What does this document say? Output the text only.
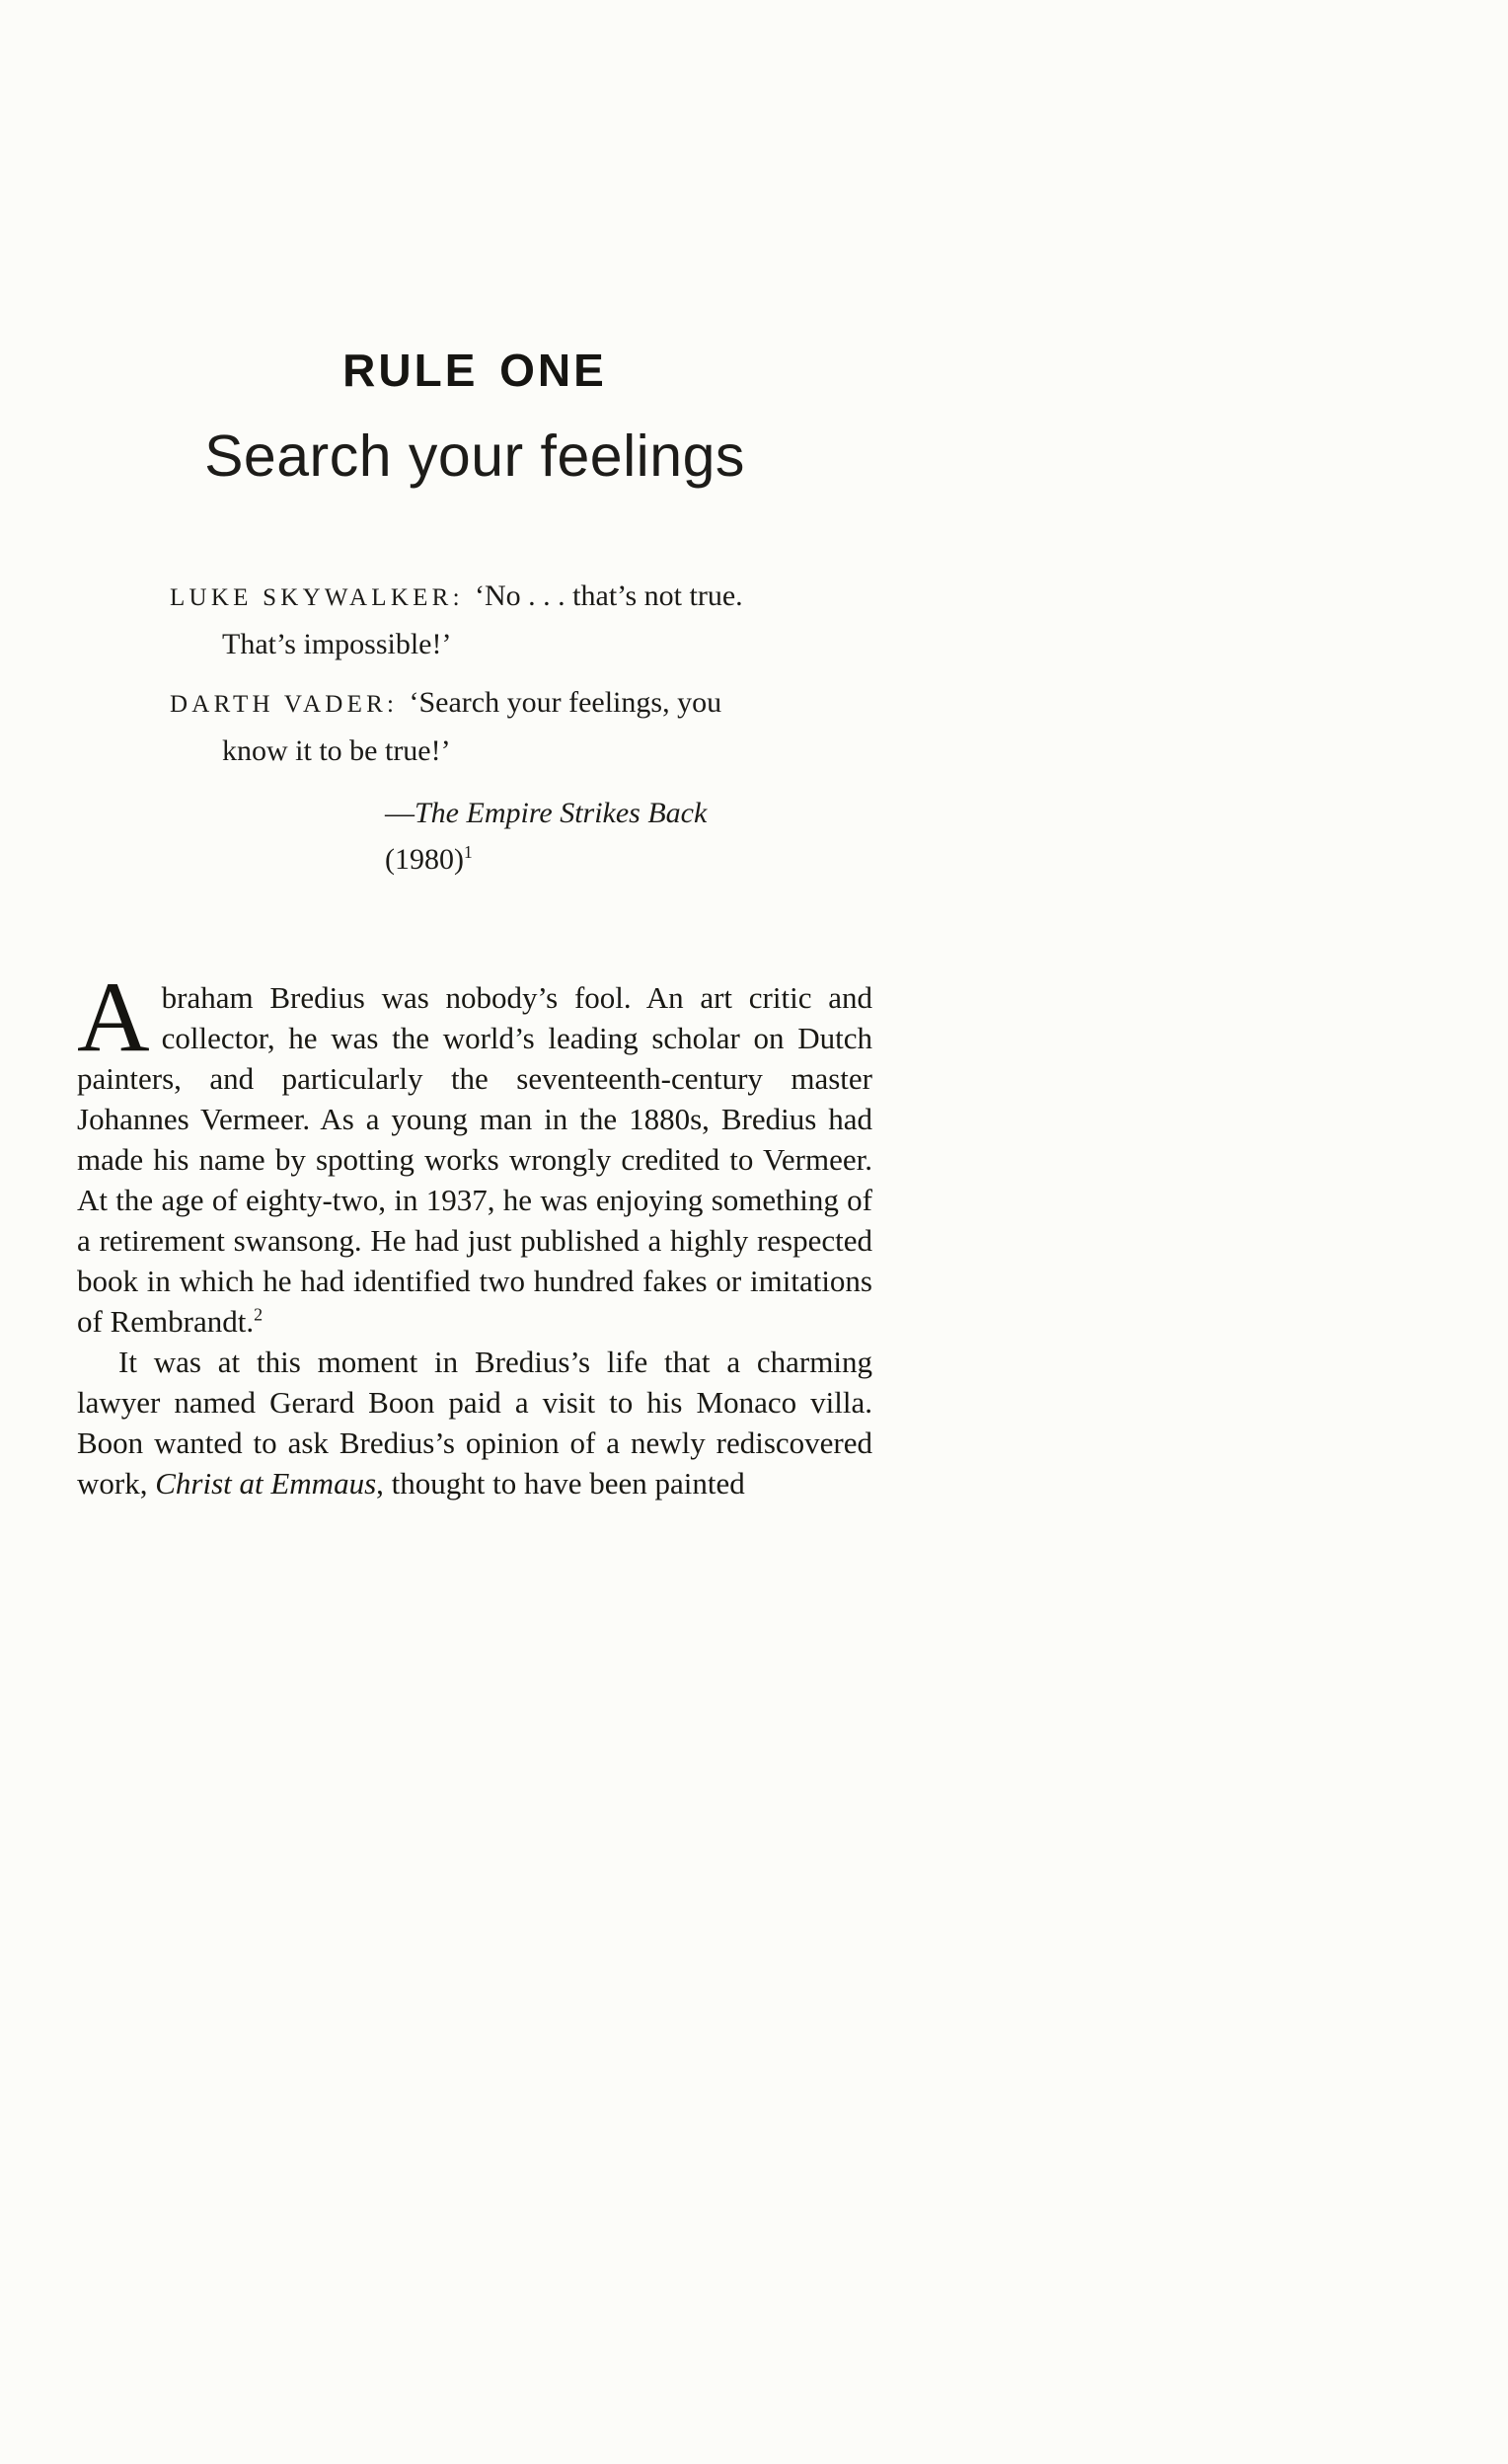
RULE ONE
Search your feelings

LUKE SKYWALKER: ‘No . . . that’s not true. That’s impossible!’

DARTH VADER: ‘Search your feelings, you know it to be true!’

—The Empire Strikes Back $(1980)^1$

Abraham Bredius was nobody’s fool. An art critic and collector, he was the world’s leading scholar on Dutch painters, and particularly the seventeenth-century master Johannes Vermeer. As a young man in the 1880s, Bredius had made his name by spotting works wrongly credited to Vermeer. At the age of eighty-two, in 1937, he was enjoying something of a retirement swansong. He had just published a highly respected book in which he had identified two hundred fakes or imitations of Rembrandt.$^2$

It was at this moment in Bredius’s life that a charming lawyer named Gerard Boon paid a visit to his Monaco villa. Boon wanted to ask Bredius’s opinion of a newly rediscovered work, Christ at Emmaus, thought to have been painted
